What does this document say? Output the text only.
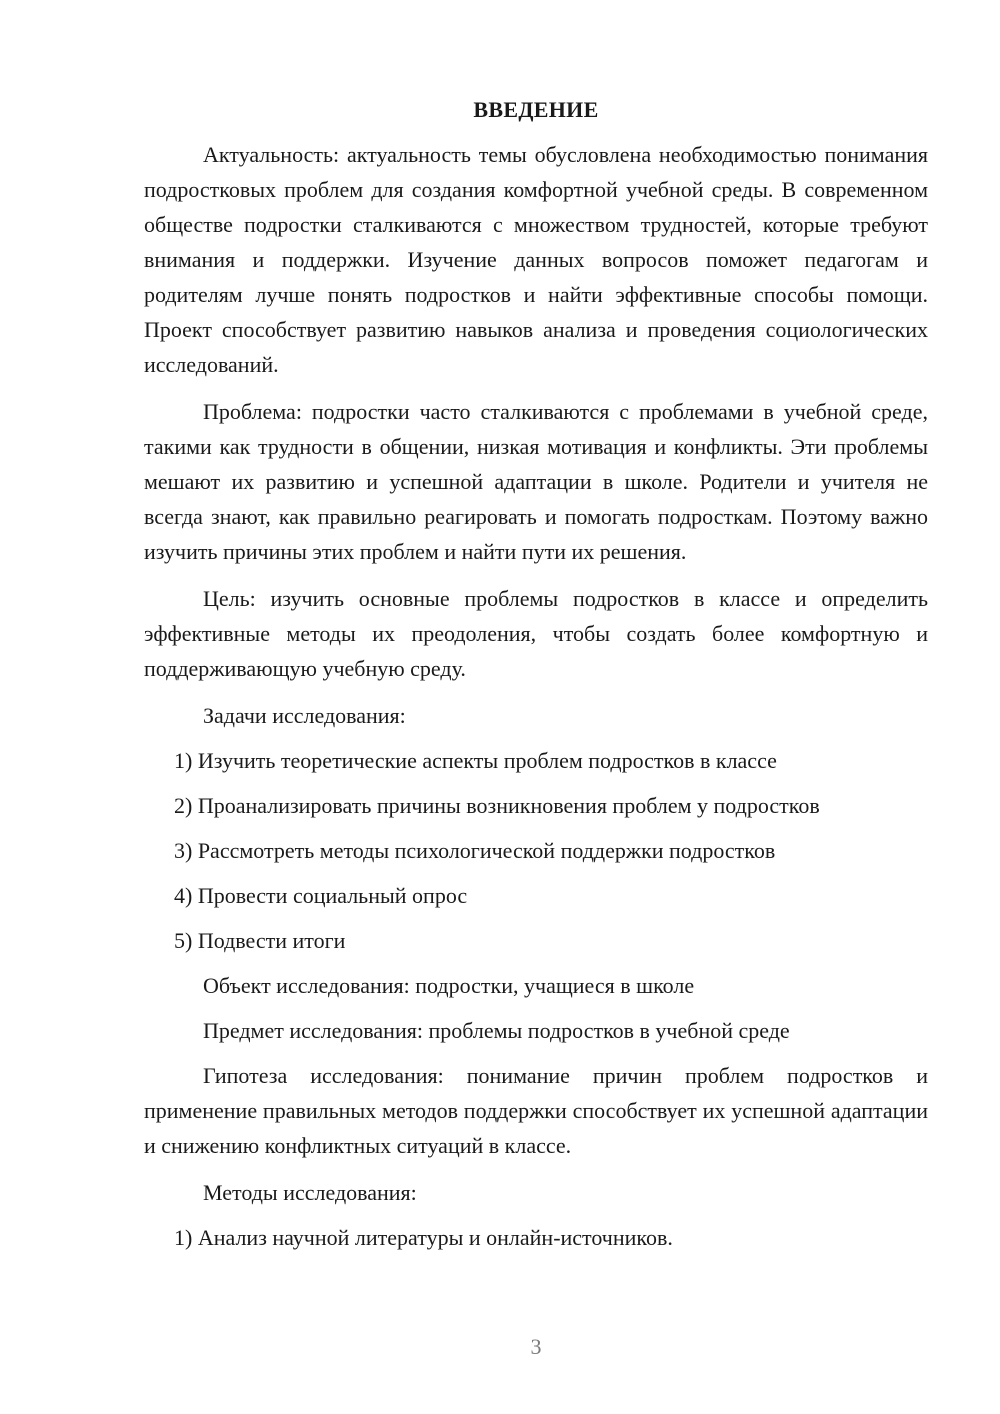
ВВЕДЕНИЕ

Актуальность: актуальность темы обусловлена необходимостью понимания подростковых проблем для создания комфортной учебной среды. В современном обществе подростки сталкиваются с множеством трудностей, которые требуют внимания и поддержки. Изучение данных вопросов поможет педагогам и родителям лучше понять подростков и найти эффективные способы помощи. Проект способствует развитию навыков анализа и проведения социологических исследований.

Проблема: подростки часто сталкиваются с проблемами в учебной среде, такими как трудности в общении, низкая мотивация и конфликты. Эти проблемы мешают их развитию и успешной адаптации в школе. Родители и учителя не всегда знают, как правильно реагировать и помогать подросткам. Поэтому важно изучить причины этих проблем и найти пути их решения.

Цель: изучить основные проблемы подростков в классе и определить эффективные методы их преодоления, чтобы создать более комфортную и поддерживающую учебную среду.

Задачи исследования:

1) Изучить теоретические аспекты проблем подростков в классе

2) Проанализировать причины возникновения проблем у подростков

3) Рассмотреть методы психологической поддержки подростков

4) Провести социальный опрос

5) Подвести итоги

Объект исследования: подростки, учащиеся в школе

Предмет исследования: проблемы подростков в учебной среде

Гипотеза исследования: понимание причин проблем подростков и применение правильных методов поддержки способствует их успешной адаптации и снижению конфликтных ситуаций в классе.

Методы исследования:

1) Анализ научной литературы и онлайн-источников.

3
